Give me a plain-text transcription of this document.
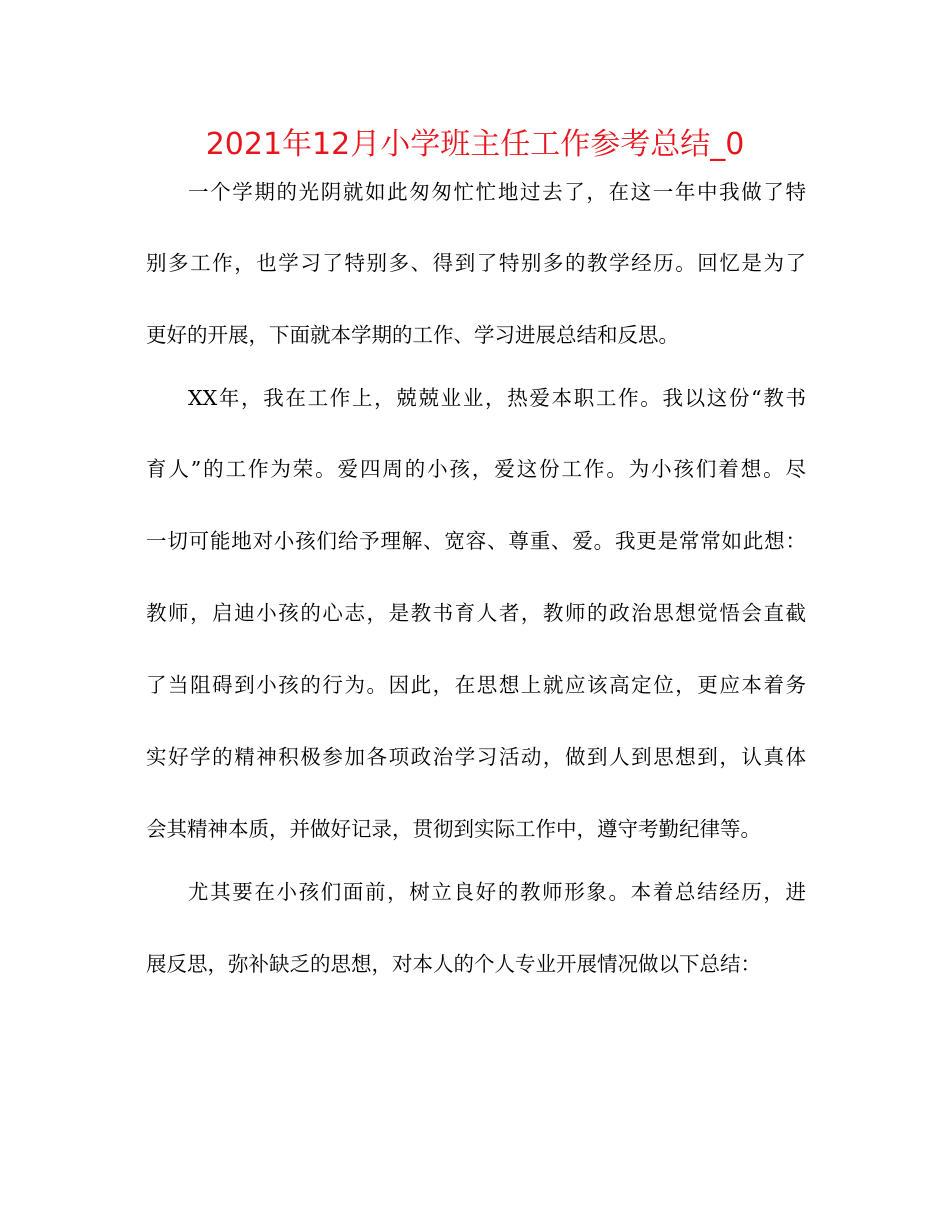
2021年12月小学班主任工作参考总结_0
一个学期的光阴就如此匆匆忙忙地过去了，在这一年中我做了特
别多工作，也学习了特别多、得到了特别多的教学经历。回忆是为了
更好的开展，下面就本学期的工作、学习进展总结和反思。
XX年，我在工作上，兢兢业业，热爱本职工作。我以这份“教书
育人”的工作为荣。爱四周的小孩，爱这份工作。为小孩们着想。尽
一切可能地对小孩们给予理解、宽容、尊重、爱。我更是常常如此想：
教师，启迪小孩的心志，是教书育人者，教师的政治思想觉悟会直截
了当阻碍到小孩的行为。因此，在思想上就应该高定位，更应本着务
实好学的精神积极参加各项政治学习活动，做到人到思想到，认真体
会其精神本质，并做好记录，贯彻到实际工作中，遵守考勤纪律等。
尤其要在小孩们面前，树立良好的教师形象。本着总结经历，进
展反思，弥补缺乏的思想，对本人的个人专业开展情况做以下总结：
